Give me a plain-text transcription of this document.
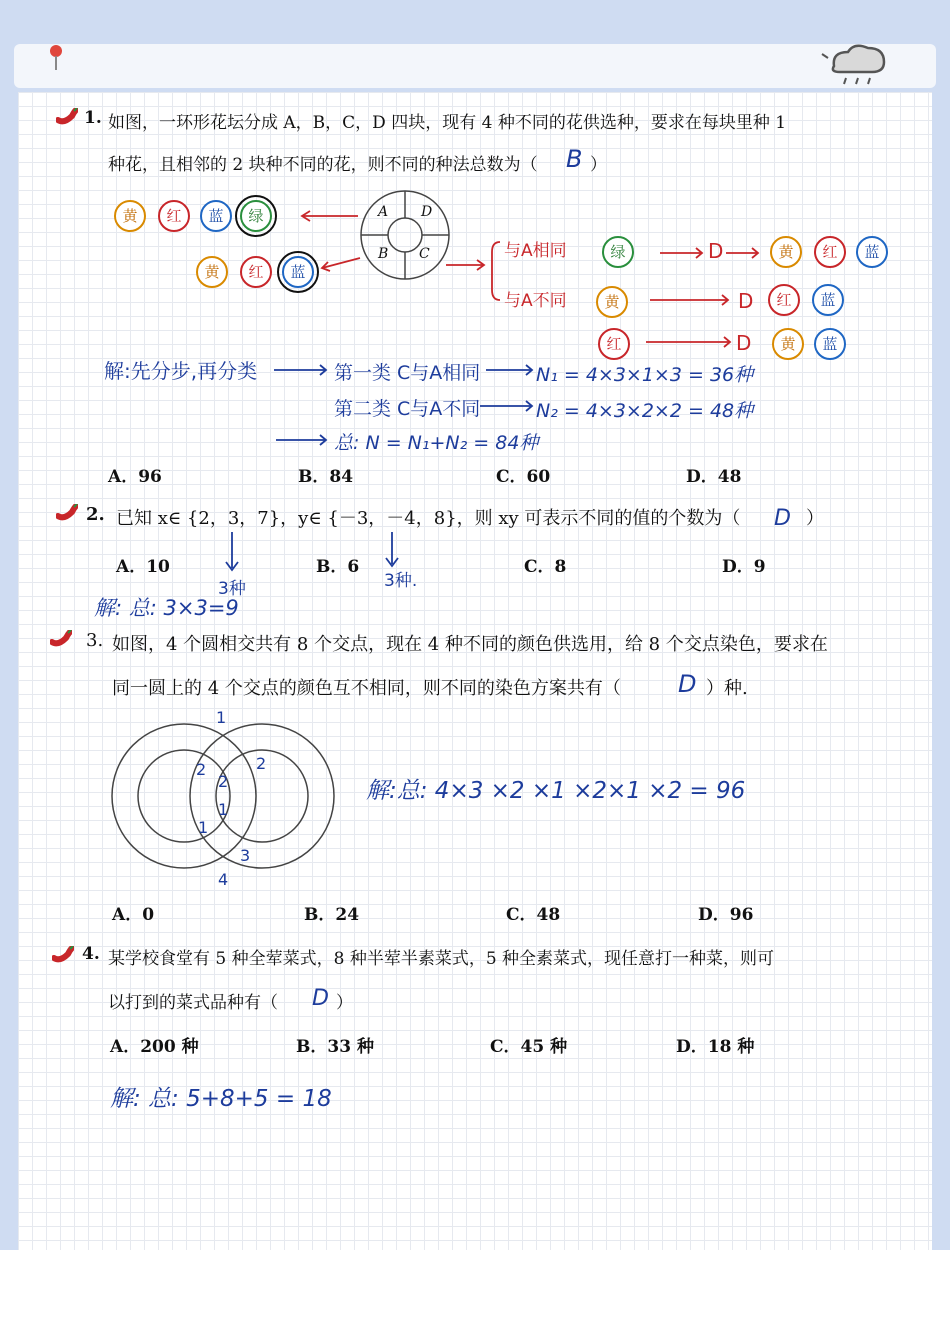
1. 如图，一环形花坛分成 A，B，C，D 四块，现有 4 种不同的花供选种，要求在每块里种 1
种花，且相邻的 2 块种不同的花，则不同的种法总数为（ B ）
黄	红	蓝	绿
黄	红	蓝
A D
B C	与A相同
与A不同
绿	D	黄	红	蓝
黄	D	红	蓝
红	D	黄	蓝
解:先分步,再分类	第一类 C与A相同	N₁ = 4×3×1×3 = 36种
第二类 C与A不同	N₂ = 4×3×2×2 = 48种
总: N = N₁+N₂ = 84种
A．96	B．84	C．60	D．48
2. 已知 x∈ {2，3，7}，y∈ {－3，－4，8}，则 xy 可表示不同的值的个数为（ D ）
3种	3种.
A．10	B．6	C．8	D．9
解: 总: 3×3=9
3. 如图，4 个圆相交共有 8 个交点，现在 4 种不同的颜色供选用，给 8 个交点染色，要求在
同一圆上的 4 个交点的颜色互不相同，则不同的染色方案共有（ D ）种.
1
2
2
2
1
1
3
4
解:总: 4×3 ×2 ×1 ×2×1 ×2 = 96
A．0	B．24	C．48	D．96
4. 某学校食堂有 5 种全荤菜式，8 种半荤半素菜式，5 种全素菜式，现任意打一种菜，则可
以打到的菜式品种有（ D ）
A．200 种	B．33 种	C．45 种	D．18 种
解: 总: 5+8+5 = 18
